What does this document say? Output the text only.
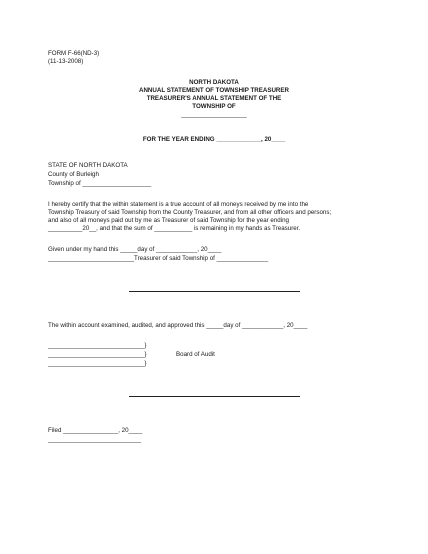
FORM F-66(ND-3)
(11-13-2008)
NORTH DAKOTA
ANNUAL STATEMENT OF TOWNSHIP TREASURER
TREASURER'S ANNUAL STATEMENT OF THE
TOWNSHIP OF
___________________
FOR THE YEAR ENDING _____________, 20____
STATE OF NORTH DAKOTA
County of Burleigh
Township of ____________________
I hereby certify that the within statement is a true account of all moneys received by me into the
Township Treasury of said Township from the County Treasurer, and from all other officers and persons;
and also of all moneys paid out by me as Treasurer of said Township for the year ending
__________20__, and that the sum of ___________ is remaining in my hands as Treasurer.
Given under my hand this _____day of ____________, 20____
_________________________Treasurer of said Township of _______________
The within account examined, audited, and approved this _____day of ____________, 20____
____________________________}
____________________________}	Board of Audit
____________________________}
Filed ________________, 20____
___________________________
